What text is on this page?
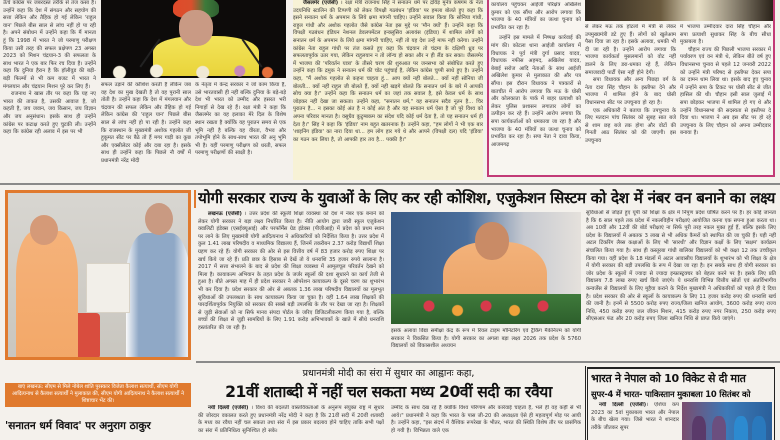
ऊँचे कांग्रेस पर जबरदस्त तरीके से तंज कसा है। उन्होंने कहा कि देश में संगठन और सहयोग की सत्ता लेकिन और तैहिक हो गई लेकिन 'राहुल यान' पिछले बीस साल से लांच नहीं हो पा रही है। अपने संबोधन में उन्होंने कहा कि मैं मानता हूं कि 1998 में भारत ने जो परमाणु परीक्षण किया उसी तरह की सफल प्रक्षेपण 23 अगस्त 2023 को मिशन चंद्रयान-3 की सफलता के साथ भारत ने एक बार फिर रच दिया है। उन्होंने कहा कि दुनिया हैरान है कि हॉलीवुड की बड़ी-बड़ी फिल्मों से भी कम बजट में भारत ने मंगलयान और चंद्रयान मिशन पूरे कर लिए हैं।

राजनाथ ने खास तौर पर कहा कि यह नए भारत की ताकत है, उसकी आवाज है, जो कहती है, जय जवान, जय किसान, जय विज्ञान और जय अनुसंधान। इसके साथ ही उन्होंने कांग्रेस पर कटाक्ष करते हुए चुटकी ली। उन्होंने कहा कि कांग्रेस रही अलाव में इस पर भी

सफल उड़ाने की कोशिश करती है लेकिन जब वह देश का मुख देखती है तो वह पुरानी साल तोती है। उन्होंने कहा कि देश में मंगलयान और चंद्रयान की सफल लेकिन और तैहिक हो गई लेकिन कांग्रेस की 'राहुल यान' पिछले बीस साल से लांच नहीं हो पा रही है। उन्होंने कहा कि राजस्थान के मुख्यमंत्री अशोक गहलोत जी हुकूमत सीट पर बैठे तो हैं मगर गाड़ी का कुछ और एक्सीलेटर कोई और दबा रहा है। इसके साथ ही उन्होंने कहा कि पिछले नौ वर्षों में प्रधानमंत्री नरेंद्र मोदी
के नेतृत्व में केन्द्र सरकार ने जो काम किया है, उसे भारतवासी ही नहीं बल्कि दुनिया के बड़े-बड़े देश भी भारत को उम्मीद और हसरत भरी निगाहों से देख रहे हैं। रक्षा मंत्री ने कहा कि जैसलमेर का यह इलाका मेरे दिल के विशेष स्थान रखता है क्योंकि यह पुरातन समय से एक भूमि नहीं है बल्कि यह वीरता, वैभव और तपोभूमि होने के साथ-साथ भारत की अनु भूमि भी है। यहीं परमाणु परीक्षण को धरती, सफल परमाणु परीक्षणों की साक्षी है।

जैसलमेर (एजेंसी) । रक्षा मंत्री राजनाथ सिंह ने सनातन धर्म पर द्रविड़ मुनेत्र कषगम के नेता उदयनिधि स्टालिन की टिप्पणी को लेकर विपक्षी गठबंधन 'इंडिया' पर हमला बोलते हुए कहा कि इसने सनातन धर्म के अपमान के लिये क्षमा मांगनी चाहिए। उन्होंने सवाल किया कि सोनिया गांधी, राहुल गांधी और अशोक गहलोत जैसे कांग्रेस नेता इस मुद्दे पर 'मौन क्यों' हैं। उन्होंने कहा कि विपक्षी गठबंधन इंडियन नेशनल डेवलपमेंटल इन्क्लूसिव अलायंस (इंडिया) में शामिल लोगों को सनातन धर्म के अपमान के लिये क्षमा मांगनी चाहिए, नहीं तो यह देश उन्हें माफ नहीं करेगा। उन्होंने कांग्रेस नेता राहुल गांधी पर तंज कसते हुए कहा कि चंद्रयान तो चंद्रमा के दक्षिणी ध्रुव पर सफलतापूर्वक उतर गया, लेकिन राहुलयान न तो लॉन्च हो सका और न ही लैंड कर सका। जैसलमेर में भाजपा की 'परिवर्तन यात्रा' के तीसरे चरण की शुरुआत पर जनसभा को संबोधित करते हुए उन्होंने कहा कि द्रमुक ने सनातन धर्म की चोट पहुंचाई है, लेकिन कांग्रेस चुप्पी साधे हुए है। उन्होंने कहा, "मैं अशोक गहलोत से कहना चाहता हूं... आप क्यों नहीं बोलते... क्यों नहीं सोनिया जी बोलती... क्यों नहीं राहुल जी बोलते हैं, क्यों नहीं खड़गे बोलते कि सनातन धर्म के बारे में आपकी सोच क्या है।" उन्होंने कहा कि सनातन धर्म का जहां तक सवाल है, इसे केवल धर्म के साथ जोड़कर नहीं देखा जा सकता। उन्होंने कहा, "सनातन धर्म," यह सनातन सदैव नूतन है... चिर पुरातन है... न इसका कोई अंत है न कोई अंत है और यह सनातन धर्म ऐसा है जो पूरे विश्व को अपना परिवार मानता है। वसुधैव कुटुम्बकम का संदेश यदि कोई धर्म देता है, तो यह सनातन धर्म ही देता है।" सिंह ने कहा कि 'इंडिया' नाम बहुत खतरनाक है। उन्होंने कहा, "हम लोगों ने भी एक बार 'शाइनिंग इंडिया' का नारा दिया था... हम लोग हार गये थे और आपने (विपक्षी दल) यदि 'इंडिया' का गठन कर लिया है, तो आपकी हार तय है... पक्की है।"

कार्यालय पहुंचकर आईजी परिक्षेत्र अखिलेश कुमार को एक सौंपा और आरोप लगाया कि भाजपा के 40 मंत्रियों का जत्था चुनाव को प्रभावित कर रहा है।

उन्होंने इस मामले में निष्पक्ष कार्रवाई की मांग की। कोटला थाना आईजी कार्यालय में विधायक ने पूर्व मंत्री दुर्गा प्रसाद यादव, विधायक नफीस अहमद, अखिलेश यादव, बेबाई सरोज आदि नेताओं के साथ आईजी अखिलेश कुमार से मुलाकात की और पत्र सौंपा। इस दौरान विधायक ने पत्रकारों से बातचीत में आरोप लगाया कि मऊ के घोसी और कोलकाता के पार्क में बाहर प्रत्याशी को लेकर पुलिस प्रशासन लगातार लोगों का उत्पीड़न कर रहे हैं। उन्होंने आरोप लगाया कि सपा कार्यकर्ताओं को धमकाया जा रहा है और भाजपा के 40 मंत्रियों का जत्था चुनाव को प्रभावित कर रहा है। सपा नेता ने दावा किया, आजमगढ़

से लेकर मऊ तक होटलों में मंत्री से लेकर उपमुख्यमंत्री डटे हुए हैं। लोगों को खुलेआम पैसा दिया जा रहा है। इसके अलावा, धमकी भी दी जा रही है। उन्होंने आरोप लगाया कि भाजपा कार्यकर्ता मुसलमानों को वोट नहीं डालने के लिए डरा-धमका रहे हैं, लेकिन समाजवादी पार्टी ऐसा नहीं होने देगी।

सपा विधायक और अन्य पिछड़ा वर्ग के नेता दारा सिंह चौहान के इस्तीफा देने और भाजपा में शामिल होने के बाद घोसी विधानसभा सीट पर उपचुनाव हो रहा है।

एक अधिकारी ने बताया कि उपचुनाव के लिए मतदान पांच सितंबर को सुबह सात बजे से शाम छह बजे तक होगा और वोटों की गिनती आठ सितंबर को की जाएगी। इस उपचुनाव

में भाजपा उम्मीदवार दारा सिंह चौहान और सपा प्रत्याशी सुधाकर सिंह के बीच सीधा मुकाबला है।

चौहान राज्य की पिछली भाजपा सरकार में पर्यावरण एवं वन मंत्री थे, लेकिन बीते वर्ष हुए विधानसभा चुनाव से पहले 12 जनवरी 2022 को उन्होंने मंत्री परिषद से इस्तीफा देकर सपा का दामन थाम लिया था। इसके बाद हुए चुनाव में उन्होंने सपा के टिकट पर घोसी सीट से जीत हासिल की थी। चौहान इसी साल जुलाई में सपा छोड़कर भाजपा में शामिल हो गए थे और उन्होंने विधानसभा की सदस्यता से इस्तीफा दे दिया था। भाजपा ने अब इस सीट पर हो रहे उपचुनाव के लिए चौहान को अपना उम्मीदवार बनाया है।

बाएं लखनऊ: सीएम से मिले नोबेल शांति पुरस्कार विजेता कैलाश सत्यार्थी, सीएम योगी आदित्यनाथ से कैलाश सत्यार्थी ने मुलाकात की, सीएम योगी आदित्यनाथ ने कैलाश सत्यार्थी ने शिष्टाचार भेंट की।
योगी सरकार राज्य के युवाओं के लिए कर रही कोशिश, एजुकेशन सिस्टम को देश में नंबर वन बनाने का लक्ष्य

लखनऊ (एजेंसी) । उत्तर प्रदेश की स्कूली शिक्षा व्यवस्था को देश में नंबर एक बनाने को लेकर योगी सरकार ने बड़ा लक्ष्य निर्धारित किया है। नीति आयोग द्वारा जारी स्कूल एजुकेशन क्वालिटी इंडेक्स (एसईक्यूआई) और परफॉर्मेंस ग्रेड इंडेक्स (पीजीआई) में प्रदेश को प्रथम स्थान पर लाने के लिए मुख्यमंत्री योगी आदित्यनाथ ने अधिकारियों को निर्देशित किया है। उत्तर प्रदेश में कुल 1.41 लाख परिषदीय व माध्यमिक विद्यालय हैं, जिनमें तकरीबन 2.37 करोड़ विद्यार्थी शिक्षा ग्रहण कर रहे हैं। योगी सरकार की ओर से इस वित्तीय वर्ष में 83 हजार करोड़ रुपए शिक्षा पर खर्च किये जा रहे हैं। प्रति छात्र के हिसाब से देखें तो ये धनराशि 35 हजार रुपये सालाना है। 2017 में सत्ता संभालने के बाद से प्रदेश की शिक्षा व्यवस्था में आमूलचूल परिवर्तन देखने को मिला है। कायाकल्प अभियान के तहत प्रदेश के जर्जर स्कूलों की दशा सुधारने का कार्य तेजी से हुआ है। बीते अगस्त माह में ही प्रदेश सरकार ने ऑपरेशन कायाकल्प के दूसरे चरण का शुभारंभ भी कर दिया है। प्रदेश सरकार की ओर से अबतक 1.36 लाख परिषदीय विद्यालयों का मूलभूत सुविधाओं की उपलब्धता के साथ कायाकल्प किया जा चुका है। वहीं 1.64 लाख शिक्षकों की पारदर्शितापूर्वक नियुक्ति को सरकार की सबसे बड़ी उपलब्धि के तौर पर देखा जा रहा है। शिक्षकों से जुड़ी सेवाओं को ना सिर्फ मानव संपदा पोर्टल के जरिए डिजिटलीकरण किया गया है, बल्कि बच्चों की शिक्षा से जुड़ी सामग्रियों के लिए 1.91 करोड़ अभिभावकों के खाते में सीधे धनराशि हस्तांतरित की जा रही है।

इसके अलावा विद्या समीक्षा केंद्र के रूप में रियल टाइम मॉनिटरिंग एवं ट्रैकिंग मैकेनिज्म को योगी सरकार ने विकसित किया है। योगी सरकार का अगला बड़ा लक्ष्य 2026 तक प्रदेश के 5760 विद्यालयों को विकासशील अध्ययन
सुविधाओं से जोड़ते हुए यूपी को शिक्षा के क्षेत्र में निपुण प्रदेश घोषित करने पर है। हर कोई जानता है कि 6 साल पहले तक प्रदेश में नकलविहीन परीक्षाएं आयोजित करना एक सपना हुआ करता था। अब 10वीं और 12वीं की बोर्ड परीक्षाएं ना सिर्फ पूरी तरह नकल मुक्त हुई हैं, बल्कि इसके लिए प्रदेश के विद्यालयों में अबतक 3 लाख से भी अधिक कैमरों को स्थापित की जा चुकी हैं। यही नहीं अटल टिंकरिंग लैब्स कक्षाओं के लिए भी 'सारथी' और विज्ञान कक्षों के लिए 'सक्षम' कार्यक्रम संचालित किया गया है। साथ ही कस्तूरबा गांधी बालिका विद्यालयों को भी कक्षा 12 तक उच्चीकृत किया गया। वहीं प्रदेश के 18 मंडलों में अटल आवासीय विद्यालयों के शुभारंभ को भी शिक्षा के क्षेत्र में योगी सरकार की बड़ी उपलब्धि के रूप में देखा जा रहा है। इन सबके साथ ही योगी सरकार का जोर प्रदेश के स्कूलों में ज्यादा से ज्यादा इन्फ्रास्ट्रक्चर को बेहतर करने पर है। इसके लिए प्रति विद्यालय 7.8 लाख रुपए खर्च किये जाएंगे। ये धनराशि विभिन्न वित्तीय स्रोतों एवं अंतर्विभागीय कन्वर्जेंस से विद्यालयों के लिए मुहैया कराने के निर्देश मुख्यमंत्री ने अधिकारियों को पहले ही दे दिया है। प्रदेश सरकार की ओर से स्कूलों के कायाकल्प के लिए 11 हजार करोड़ रुपए की धनराशि खर्च की जानी है। इनमें से 5500 करोड़ रुपए राज्य/जिला खनिज आयोग, 3600 करोड़ रुपए राज्य निधि, 450 करोड़ रुपए जल जीवन मिशन, 415 करोड़ रुपए नगर निकाय, 250 करोड़ रुपए सीएसआर फंड और 20 करोड़ रुपए जिला खनिज निधि से प्राप्त किये जाएंगे।
'सनातन धर्म विवाद' पर अनुराग ठाकुर
प्रधानमंत्री मोदी का संरा में सुधार का आह्वानः कहा,
21वीं शताब्दी में नहीं चल सकता मध्य 20वीं सदी का रवैया

नयी दिल्ली (एजेंसी) । विश्व की बदलती वास्तविकताओं के अनुरूप संयुक्त राष्ट्र में सुधार की जोरदार वकालत करते हुए प्रधानमंत्री नरेंद्र मोदी ने कहा है कि 21वीं सदी में 20वीं शताब्दी के मध्य का रवैया नहीं चल सकता तथा संरा में इस प्रकार बदलाव होने चाहिए ताकि सभी पक्षों का संरा में प्रतिनिधित्व सुनिश्चित हो सके।

उम्मीद के साथ देख रहे हैं क्योंकि विश्व परिणाम और कार्रवाई चाहता है, भले ही वह कहीं से भी आये।" प्रधानमंत्री ने कहा कि भारत के पास जी-20 की अध्यक्षता ऐसे ही महत्वपूर्ण मोड़ पर आयी है। उन्होंने कहा, "इस संदर्भ में वैश्विक रूपरेखा के भीतर, भारत की स्थिति विशेष तौर पर प्रासंगिक हो गयी है। विभिन्नता वाले एक
भारत ने नेपाल को 10 विकेट से दी मात
सुपर-4 में भारत- पाकिस्तान मुकाबला 10 सितंबर को

नयी दिल्ली (एजेंसी)। एशिया कप 2023 का 5वां मुकाबला भारत और नेपाल के बीच खेला गया। जिसे भारत ने शानदार तरीके जीतकर सुपर
